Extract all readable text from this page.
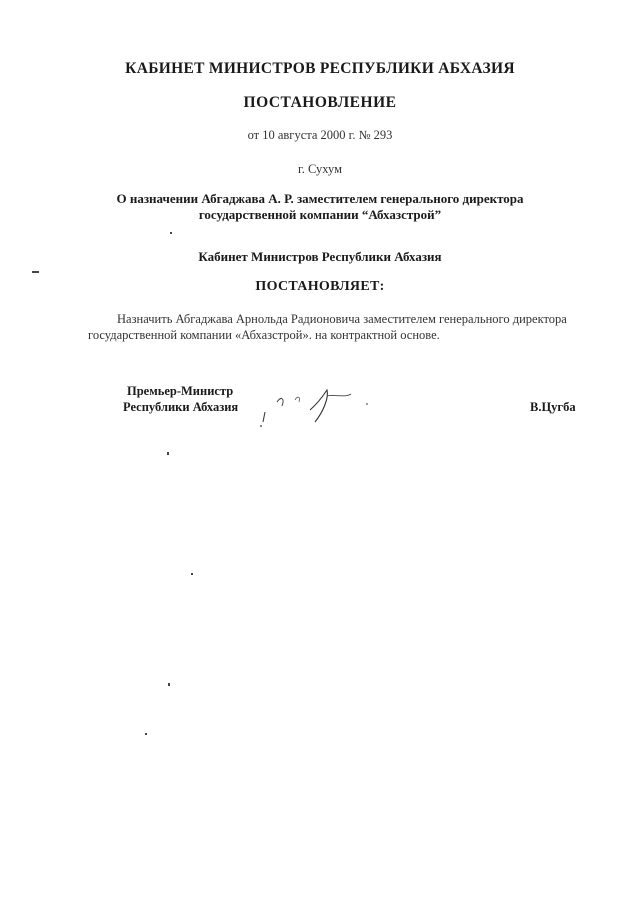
КАБИНЕТ МИНИСТРОВ РЕСПУБЛИКИ АБХАЗИЯ
ПОСТАНОВЛЕНИЕ
от 10 августа 2000 г. № 293
г. Сухум
О назначении Абгаджава А. Р. заместителем генерального директора
государственной компании “Абхазстрой”
Кабинет Министров Республики Абхазия
ПОСТАНОВЛЯЕТ:
Назначить Абгаджава Арнольда Радионовича заместителем генерального директора
государственной компании «Абхазстрой». на контрактной основе.
Премьер-Министр
Республики Абхазия	В.Цугба
